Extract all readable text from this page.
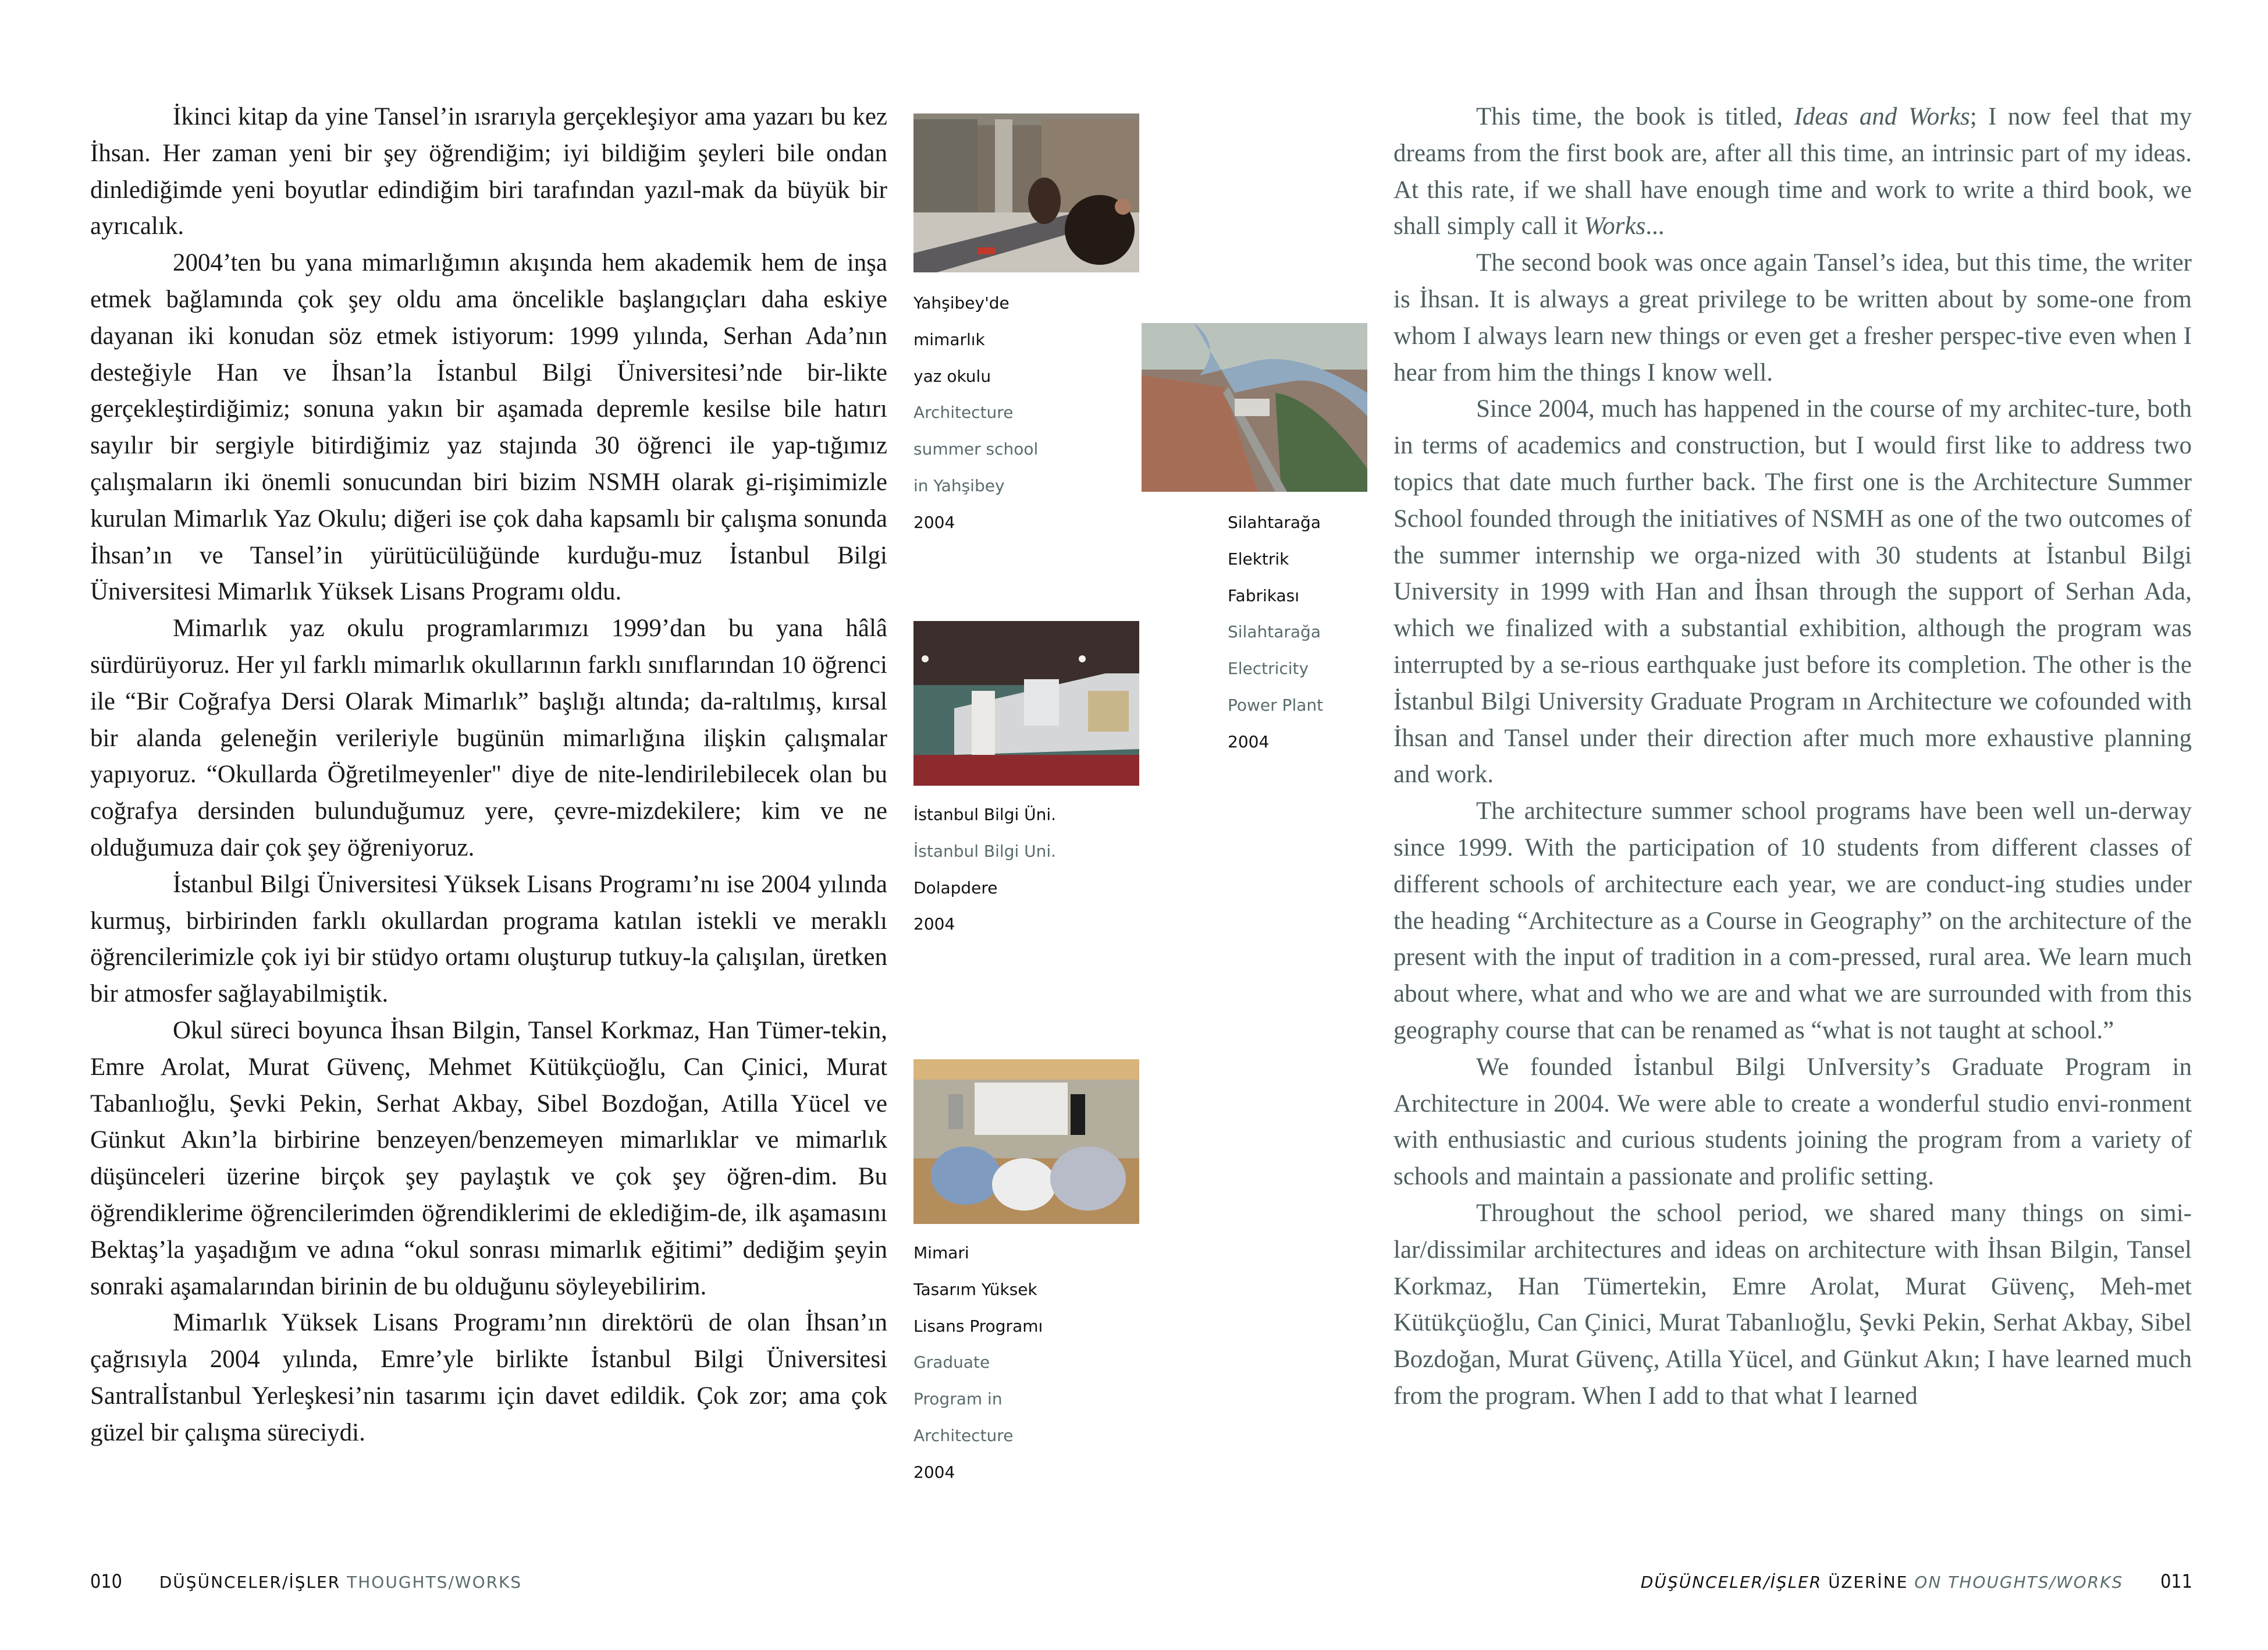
İkinci kitap da yine Tansel’in ısrarıyla gerçekleşiyor ama yazarı bu kez İhsan. Her zaman yeni bir şey öğrendiğim; iyi bildiğim şeyleri bile ondan dinlediğimde yeni boyutlar edindiğim biri tarafından yazıl-mak da büyük bir ayrıcalık.

2004’ten bu yana mimarlığımın akışında hem akademik hem de inşa etmek bağlamında çok şey oldu ama öncelikle başlangıçları daha eskiye dayanan iki konudan söz etmek istiyorum: 1999 yılında, Serhan Ada’nın desteğiyle Han ve İhsan’la İstanbul Bilgi Üniversitesi’nde bir-likte gerçekleştirdiğimiz; sonuna yakın bir aşamada depremle kesilse bile hatırı sayılır bir sergiyle bitirdiğimiz yaz stajında 30 öğrenci ile yap-tığımız çalışmaların iki önemli sonucundan biri bizim NSMH olarak gi-rişimimizle kurulan Mimarlık Yaz Okulu; diğeri ise çok daha kapsamlı bir çalışma sonunda İhsan’ın ve Tansel’in yürütücülüğünde kurduğu-muz İstanbul Bilgi Üniversitesi Mimarlık Yüksek Lisans Programı oldu.

Mimarlık yaz okulu programlarımızı 1999’dan bu yana hâlâ sürdürüyoruz. Her yıl farklı mimarlık okullarının farklı sınıflarından 10 öğrenci ile “Bir Coğrafya Dersi Olarak Mimarlık” başlığı altında; da-raltılmış, kırsal bir alanda geleneğin verileriyle bugünün mimarlığına ilişkin çalışmalar yapıyoruz. “Okullarda Öğretilmeyenler" diye de nite-lendirilebilecek olan bu coğrafya dersinden bulunduğumuz yere, çevre-mizdekilere; kim ve ne olduğumuza dair çok şey öğreniyoruz.

İstanbul Bilgi Üniversitesi Yüksek Lisans Programı’nı ise 2004 yılında kurmuş, birbirinden farklı okullardan programa katılan istekli ve meraklı öğrencilerimizle çok iyi bir stüdyo ortamı oluşturup tutkuy-la çalışılan, üretken bir atmosfer sağlayabilmiştik.

Okul süreci boyunca İhsan Bilgin, Tansel Korkmaz, Han Tümer-tekin, Emre Arolat, Murat Güvenç, Mehmet Kütükçüoğlu, Can Çinici, Murat Tabanlıoğlu, Şevki Pekin, Serhat Akbay, Sibel Bozdoğan, Atilla Yücel ve Günkut Akın’la birbirine benzeyen/benzemeyen mimarlıklar ve mimarlık düşünceleri üzerine birçok şey paylaştık ve çok şey öğren-dim. Bu öğrendiklerime öğrencilerimden öğrendiklerimi de eklediğim-de, ilk aşamasını Bektaş’la yaşadığım ve adına “okul sonrası mimarlık eğitimi” dediğim şeyin sonraki aşamalarından birinin de bu olduğunu söyleyebilirim.

Mimarlık Yüksek Lisans Programı’nın direktörü de olan İhsan’ın çağrısıyla 2004 yılında, Emre’yle birlikte İstanbul Bilgi Üniversitesi Santralİstanbul Yerleşkesi’nin tasarımı için davet edildik. Çok zor; ama çok güzel bir çalışma süreciydi.

Yahşibey'de
mimarlık
yaz okulu
Architecture
summer school
in Yahşibey
2004	Silahtarağa
Elektrik
Fabrikası
Silahtarağa
Electricity
Power Plant
2004
İstanbul Bilgi Üni.
İstanbul Bilgi Uni.
Dolapdere
2004
Mimari
Tasarım Yüksek
Lisans Programı
Graduate
Program in
Architecture
2004

This time, the book is titled, Ideas and Works; I now feel that my dreams from the first book are, after all this time, an intrinsic part of my ideas. At this rate, if we shall have enough time and work to write a third book, we shall simply call it Works...

The second book was once again Tansel’s idea, but this time, the writer is İhsan. It is always a great privilege to be written about by some-one from whom I always learn new things or even get a fresher perspec-tive even when I hear from him the things I know well.

Since 2004, much has happened in the course of my architec-ture, both in terms of academics and construction, but I would first like to address two topics that date much further back. The first one is the Architecture Summer School founded through the initiatives of NSMH as one of the two outcomes of the summer internship we orga-nized with 30 students at İstanbul Bilgi University in 1999 with Han and İhsan through the support of Serhan Ada, which we finalized with a substantial exhibition, although the program was interrupted by a se-rious earthquake just before its completion. The other is the İstanbul Bilgi University Graduate Program ın Architecture we cofounded with İhsan and Tansel under their direction after much more exhaustive planning and work.

The architecture summer school programs have been well un-derway since 1999. With the participation of 10 students from different classes of different schools of architecture each year, we are conduct-ing studies under the heading “Architecture as a Course in Geography” on the architecture of the present with the input of tradition in a com-pressed, rural area. We learn much about where, what and who we are and what we are surrounded with from this geography course that can be renamed as “what is not taught at school.”

We founded İstanbul Bilgi UnIversity’s Graduate Program in Architecture in 2004. We were able to create a wonderful studio envi-ronment with enthusiastic and curious students joining the program from a variety of schools and maintain a passionate and prolific setting.

Throughout the school period, we shared many things on simi-lar/dissimilar architectures and ideas on architecture with İhsan Bilgin, Tansel Korkmaz, Han Tümertekin, Emre Arolat, Murat Güvenç, Meh-met Kütükçüoğlu, Can Çinici, Murat Tabanlıoğlu, Şevki Pekin, Serhat Akbay, Sibel Bozdoğan, Murat Güvenç, Atilla Yücel, and Günkut Akın; I have learned much from the program. When I add to that what I learned

010 DÜŞÜNCELER/İŞLER THOUGHTS/WORKS	DÜŞÜNCELER/İŞLER ÜZERİNE ON THOUGHTS/WORKS 011
